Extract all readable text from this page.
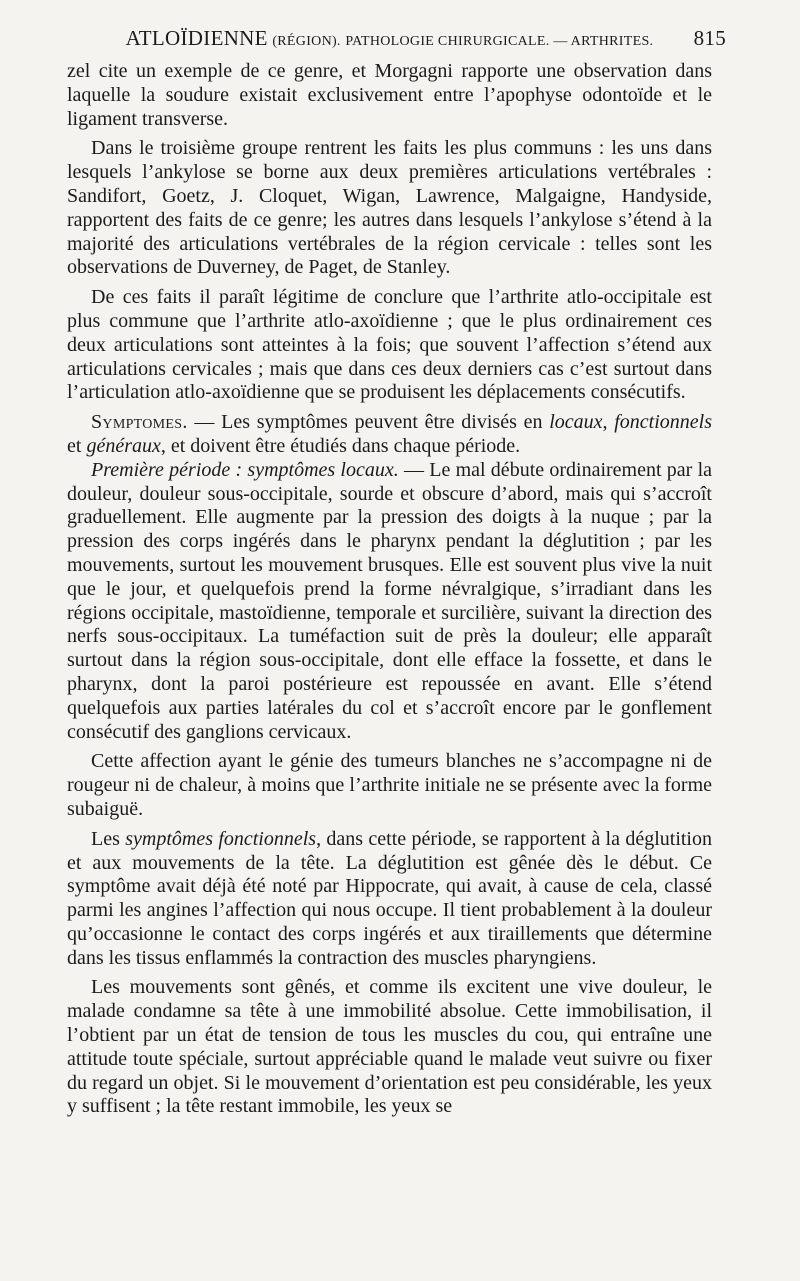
ATLOÏDIENNE (RÉGION). PATHOLOGIE CHIRURGICALE. — ARTHRITES. 815

zel cite un exemple de ce genre, et Morgagni rapporte une observation dans laquelle la soudure existait exclusivement entre l’apophyse odontoïde et le ligament transverse.

Dans le troisième groupe rentrent les faits les plus communs : les uns dans lesquels l’ankylose se borne aux deux premières articulations vertébrales : Sandifort, Goetz, J. Cloquet, Wigan, Lawrence, Malgaigne, Handyside, rapportent des faits de ce genre; les autres dans lesquels l’ankylose s’étend à la majorité des articulations vertébrales de la région cervicale : telles sont les observations de Duverney, de Paget, de Stanley.

De ces faits il paraît légitime de conclure que l’arthrite atlo-occipitale est plus commune que l’arthrite atlo-axoïdienne ; que le plus ordinairement ces deux articulations sont atteintes à la fois; que souvent l’affection s’étend aux articulations cervicales ; mais que dans ces deux derniers cas c’est surtout dans l’articulation atlo-axoïdienne que se produisent les déplacements consécutifs.

Symptomes. — Les symptômes peuvent être divisés en locaux, fonctionnels et généraux, et doivent être étudiés dans chaque période.

Première période : symptômes locaux. — Le mal débute ordinairement par la douleur, douleur sous-occipitale, sourde et obscure d’abord, mais qui s’accroît graduellement. Elle augmente par la pression des doigts à la nuque ; par la pression des corps ingérés dans le pharynx pendant la déglutition ; par les mouvements, surtout les mouvement brusques. Elle est souvent plus vive la nuit que le jour, et quelquefois prend la forme névralgique, s’irradiant dans les régions occipitale, mastoïdienne, temporale et surcilière, suivant la direction des nerfs sous-occipitaux. La tuméfaction suit de près la douleur; elle apparaît surtout dans la région sous-occipitale, dont elle efface la fossette, et dans le pharynx, dont la paroi postérieure est repoussée en avant. Elle s’étend quelquefois aux parties latérales du col et s’accroît encore par le gonflement consécutif des ganglions cervicaux.

Cette affection ayant le génie des tumeurs blanches ne s’accompagne ni de rougeur ni de chaleur, à moins que l’arthrite initiale ne se présente avec la forme subaiguë.

Les symptômes fonctionnels, dans cette période, se rapportent à la déglutition et aux mouvements de la tête. La déglutition est gênée dès le début. Ce symptôme avait déjà été noté par Hippocrate, qui avait, à cause de cela, classé parmi les angines l’affection qui nous occupe. Il tient probablement à la douleur qu’occasionne le contact des corps ingérés et aux tiraillements que détermine dans les tissus enflammés la contraction des muscles pharyngiens.

Les mouvements sont gênés, et comme ils excitent une vive douleur, le malade condamne sa tête à une immobilité absolue. Cette immobilisation, il l’obtient par un état de tension de tous les muscles du cou, qui entraîne une attitude toute spéciale, surtout appréciable quand le malade veut suivre ou fixer du regard un objet. Si le mouvement d’orientation est peu considérable, les yeux y suffisent ; la tête restant immobile, les yeux se
